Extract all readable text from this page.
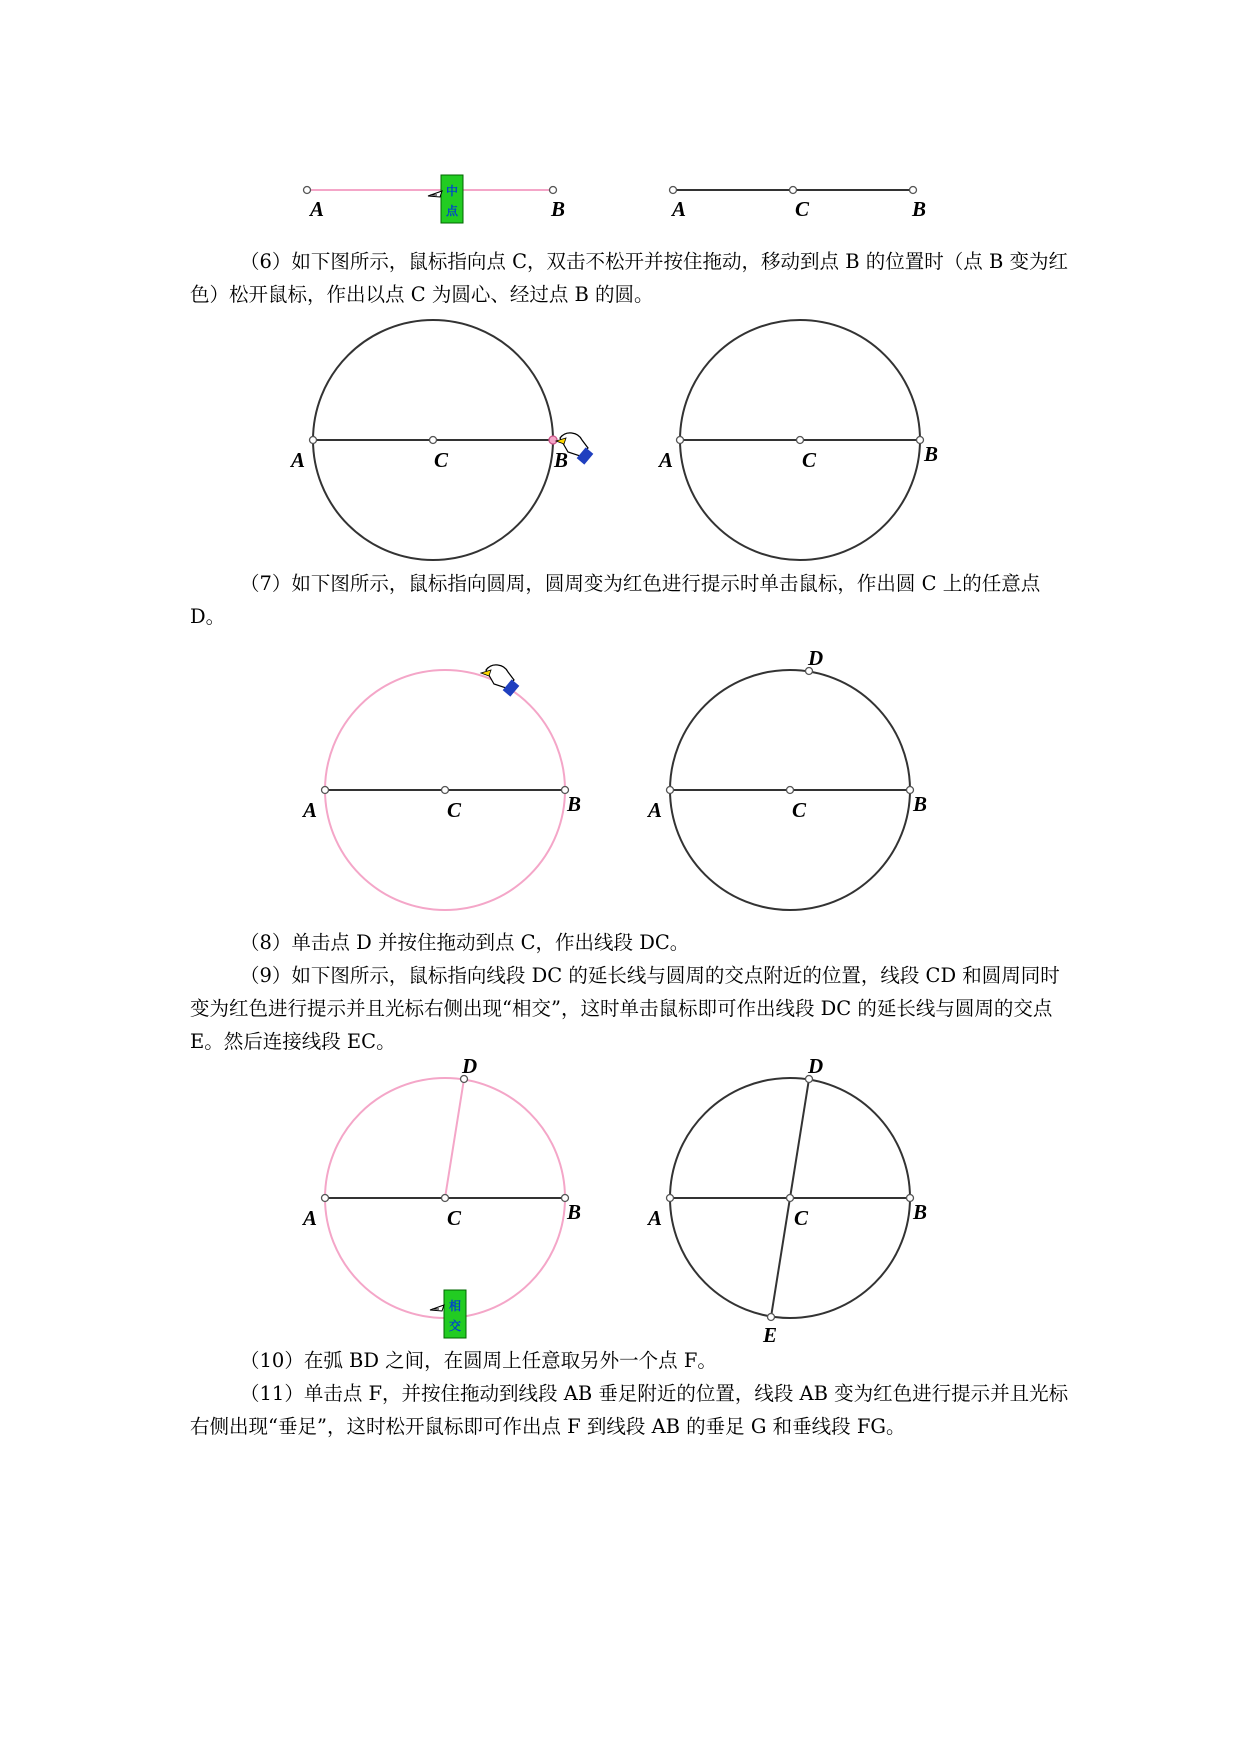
中
点
A	B	A	C	B

（6）如下图所示，鼠标指向点 C，双击不松开并按住拖动，移动到点 B 的位置时（点 B 变为红色）松开鼠标，作出以点 C 为圆心、经过点 B 的圆。

A	C	B	A	C	B

（7）如下图所示，鼠标指向圆周，圆周变为红色进行提示时单击鼠标，作出圆 C 上的任意点 D。

A	C	B	A	C	B
D

（8）单击点 D 并按住拖动到点 C，作出线段 DC。

（9）如下图所示，鼠标指向线段 DC 的延长线与圆周的交点附近的位置，线段 CD 和圆周同时变为红色进行提示并且光标右侧出现“相交”，这时单击鼠标即可作出线段 DC 的延长线与圆周的交点 E。然后连接线段 EC。

相
交
A	C	B
D
A	C	B
D
E

（10）在弧 BD 之间，在圆周上任意取另外一个点 F。

（11）单击点 F，并按住拖动到线段 AB 垂足附近的位置，线段 AB 变为红色进行提示并且光标右侧出现“垂足”，这时松开鼠标即可作出点 F 到线段 AB 的垂足 G 和垂线段 FG。
